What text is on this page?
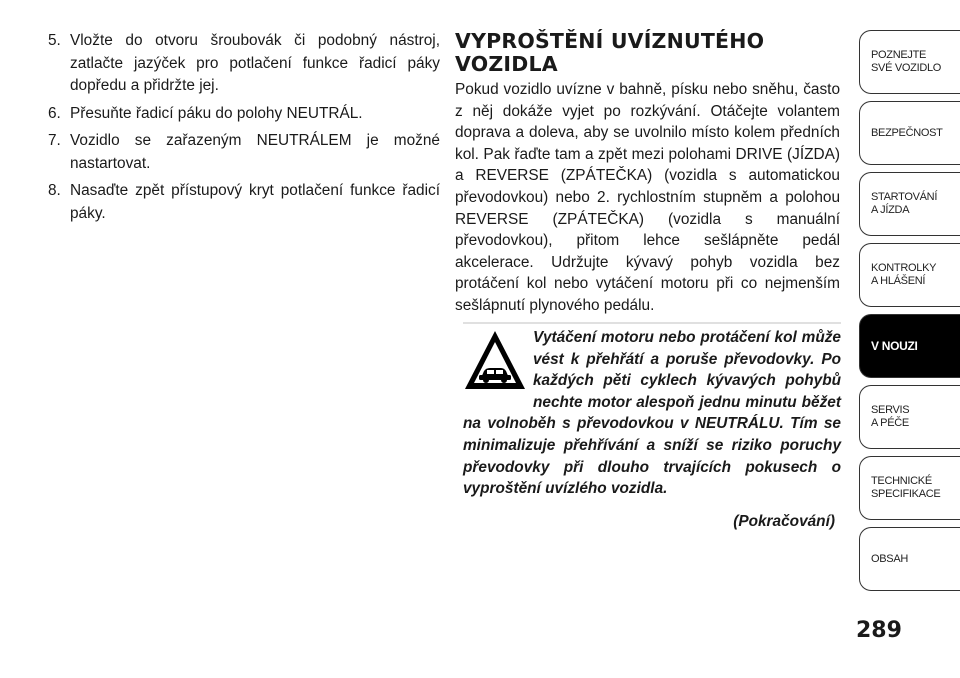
5. Vložte do otvoru šroubovák či podobný nástroj, zatlačte jazýček pro potlačení funkce řadicí páky dopředu a přidržte jej.
6. Přesuňte řadicí páku do polohy NEUTRÁL.
7. Vozidlo se zařazeným NEUTRÁLEM je možné nastartovat.
8. Nasaďte zpět přístupový kryt potlačení funkce řadicí páky.
VYPROŠTĚNÍ UVÍZNUTÉHO
VOZIDLA

Pokud vozidlo uvízne v bahně, písku nebo sněhu, často z něj dokáže vyjet po rozkývání. Otáčejte volantem doprava a doleva, aby se uvolnilo místo kolem předních kol. Pak řaďte tam a zpět mezi polohami DRIVE (JÍZDA) a REVERSE (ZPÁTEČKA) (vozidla s automatickou převodovkou) nebo 2. rychlostním stupněm a polohou REVERSE (ZPÁTEČKA) (vozidla s manuální převodovkou), přitom lehce sešlápněte pedál akcelerace. Udržujte kývavý pohyb vozidla bez protáčení kol nebo vytáčení motoru při co nejmenším sešlápnutí plynového pedálu.

Vytáčení motoru nebo protáčení kol může vést k přehřátí a poruše převodovky. Po každých pěti cyklech kývavých pohybů nechte motor alespoň jednu minutu běžet na volnoběh s převodovkou v NEUTRÁLU. Tím se minimalizuje přehřívání a sníží se riziko poruchy převodovky při dlouho trvajících pokusech o vyproštění uvízlého vozidla.
(Pokračování)
POZNEJTE
SVÉ VOZIDLO
BEZPEČNOST
STARTOVÁNÍ
A JÍZDA
KONTROLKY
A HLÁŠENÍ
V NOUZI
SERVIS
A PÉČE
TECHNICKÉ
SPECIFIKACE
OBSAH
289
